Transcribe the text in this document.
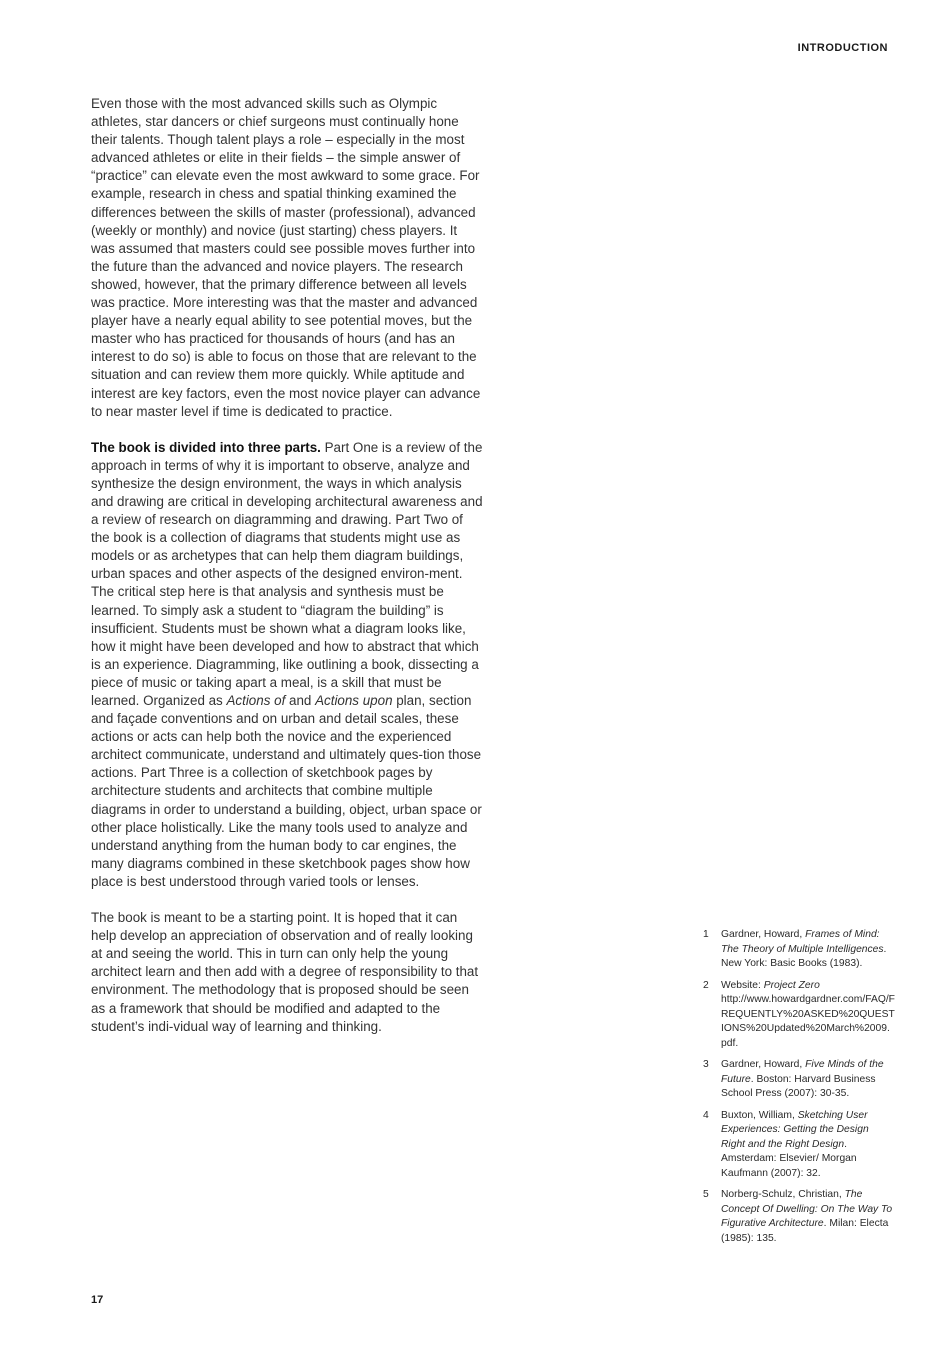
INTRODUCTION

Even those with the most advanced skills such as Olympic athletes, star dancers or chief surgeons must continually hone their talents. Though talent plays a role – especially in the most advanced athletes or elite in their fields – the simple answer of “practice” can elevate even the most awkward to some grace. For example, research in chess and spatial thinking examined the differences between the skills of master (professional), advanced (weekly or monthly) and novice (just starting) chess players. It was assumed that masters could see possible moves further into the future than the advanced and novice players. The research showed, however, that the primary difference between all levels was practice. More interesting was that the master and advanced player have a nearly equal ability to see potential moves, but the master who has practiced for thousands of hours (and has an interest to do so) is able to focus on those that are relevant to the situation and can review them more quickly. While aptitude and interest are key factors, even the most novice player can advance to near master level if time is dedicated to practice.

The book is divided into three parts. Part One is a review of the approach in terms of why it is important to observe, analyze and synthesize the design environment, the ways in which analysis and drawing are critical in developing architectural awareness and a review of research on diagramming and drawing. Part Two of the book is a collection of diagrams that students might use as models or as archetypes that can help them diagram buildings, urban spaces and other aspects of the designed environ-ment. The critical step here is that analysis and synthesis must be learned. To simply ask a student to “diagram the building” is insufficient. Students must be shown what a diagram looks like, how it might have been developed and how to abstract that which is an experience. Diagramming, like outlining a book, dissecting a piece of music or taking apart a meal, is a skill that must be learned. Organized as Actions of and Actions upon plan, section and façade conventions and on urban and detail scales, these actions or acts can help both the novice and the experienced architect communicate, understand and ultimately ques-tion those actions. Part Three is a collection of sketchbook pages by architecture students and architects that combine multiple diagrams in order to understand a building, object, urban space or other place holistically. Like the many tools used to analyze and understand anything from the human body to car engines, the many diagrams combined in these sketchbook pages show how place is best understood through varied tools or lenses.

The book is meant to be a starting point. It is hoped that it can help develop an appreciation of observation and of really looking at and seeing the world. This in turn can only help the young architect learn and then add with a degree of responsibility to that environment. The methodology that is proposed should be seen as a framework that should be modified and adapted to the student’s indi-vidual way of learning and thinking.

1	Gardner, Howard, Frames of Mind: The Theory of Multiple Intelligences. New York: Basic Books (1983).
2	Website: Project Zero http://www.howardgardner.com/FAQ/FREQUENTLY%20ASKED%20QUESTIONS%20Updated%20March%2009.pdf.
3	Gardner, Howard, Five Minds of the Future. Boston: Harvard Business School Press (2007): 30-35.
4	Buxton, William, Sketching User Experiences: Getting the Design Right and the Right Design. Amsterdam: Elsevier/ Morgan Kaufmann (2007): 32.
5	Norberg-Schulz, Christian, The Concept Of Dwelling: On The Way To Figurative Architecture. Milan: Electa (1985): 135.
17
